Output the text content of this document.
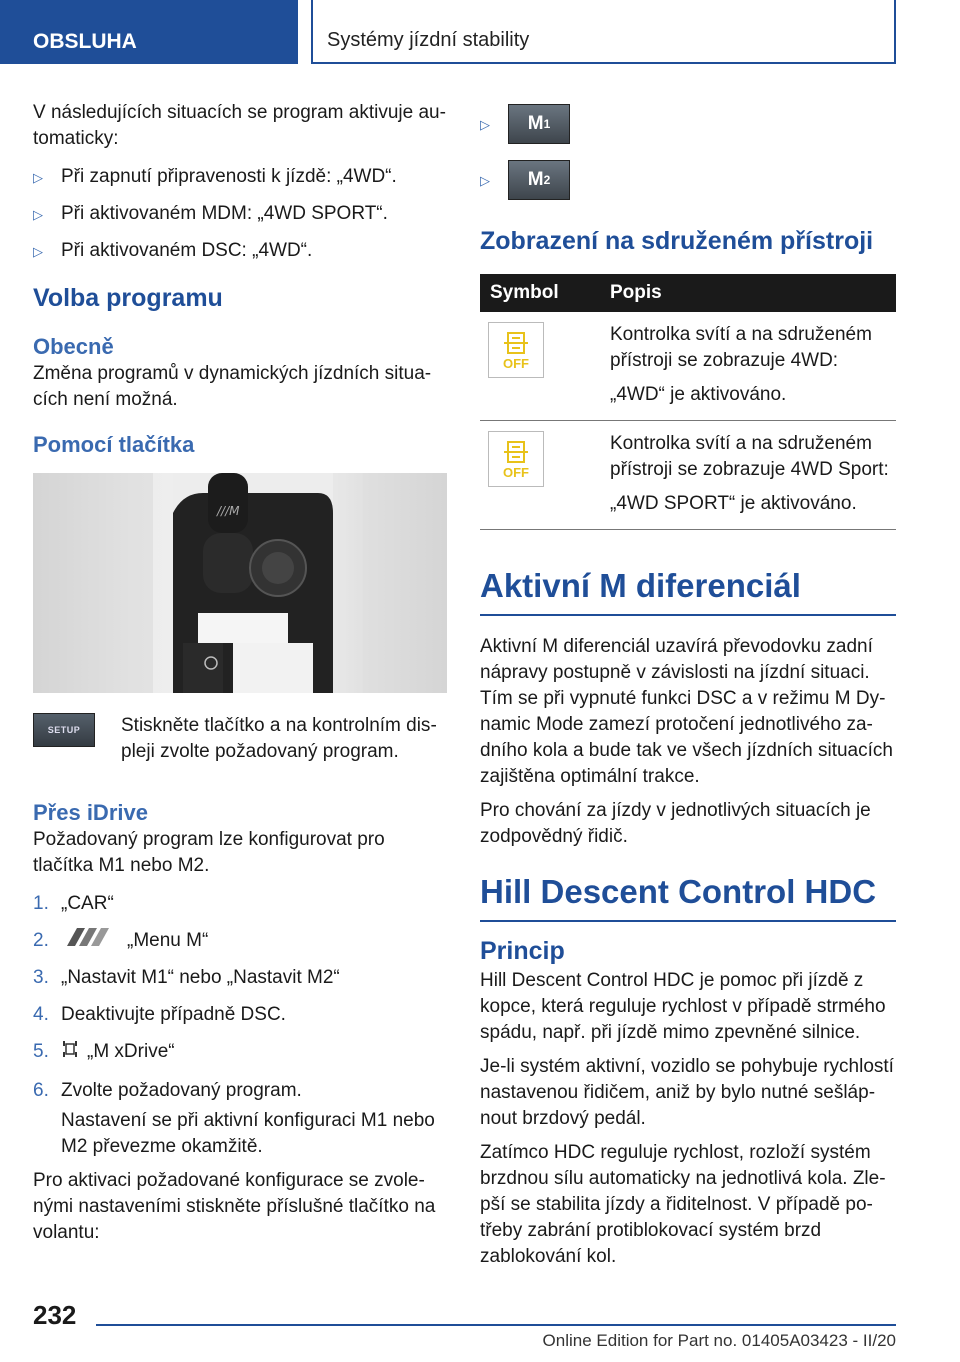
OBSLUHA	Systémy jízdní stability

V následujících situacích se program aktivuje automaticky:

▷ Při zapnutí připravenosti k jízdě: „4WD“.
▷ Při aktivovaném MDM: „4WD SPORT“.
▷ Při aktivovaném DSC: „4WD“.
Volba programu
Obecně

Změna programů v dynamických jízdních situacích není možná.

Pomocí tlačítka
///M
SETUP	Stiskněte tlačítko a na kontrolním displeji zvolte požadovaný program.

Přes iDrive

Požadovaný program lze konfigurovat pro tlačítka M1 nebo M2.

1. „CAR“
2.	„Menu M“
3. „Nastavit M1“ nebo „Nastavit M2“
4. Deaktivujte případně DSC.
5.	„M xDrive“
6. Zvolte požadovaný program.

Nastavení se při aktivní konfiguraci M1 nebo M2 převezme okamžitě.

Pro aktivaci požadované konfigurace se zvolenými nastaveními stiskněte příslušné tlačítko na volantu:

▷	M 1
▷	M 2
Zobrazení na sdruženém přístroji
Symbol	Popis

OFF	Kontrolka svítí a na sdruženém přístroji se zobrazuje 4WD:

„4WD“ je aktivováno.

OFF	Kontrolka svítí a na sdruženém přístroji se zobrazuje 4WD Sport:

„4WD SPORT“ je aktivováno.

Aktivní M diferenciál

Aktivní M diferenciál uzavírá převodovku zadní nápravy postupně v závislosti na jízdní situaci. Tím se při vypnuté funkci DSC a v režimu M Dynamic Mode zamezí protočení jednotlivého zadního kola a bude tak ve všech jízdních situacích zajištěna optimální trakce.

Pro chování za jízdy v jednotlivých situacích je zodpovědný řidič.

Hill Descent Control HDC
Princip

Hill Descent Control HDC je pomoc při jízdě z kopce, která reguluje rychlost v případě strmého spádu, např. při jízdě mimo zpevněné silnice.

Je-li systém aktivní, vozidlo se pohybuje rychlostí nastavenou řidičem, aniž by bylo nutné sešlápnout brzdový pedál.

Zatímco HDC reguluje rychlost, rozloží systém brzdnou sílu automaticky na jednotlivá kola. Zlepší se stabilita jízdy a řiditelnost. V případě potřeby zabrání protiblokovací systém brzd zablokování kol.

232
Online Edition for Part no. 01405A03423 - II/20
